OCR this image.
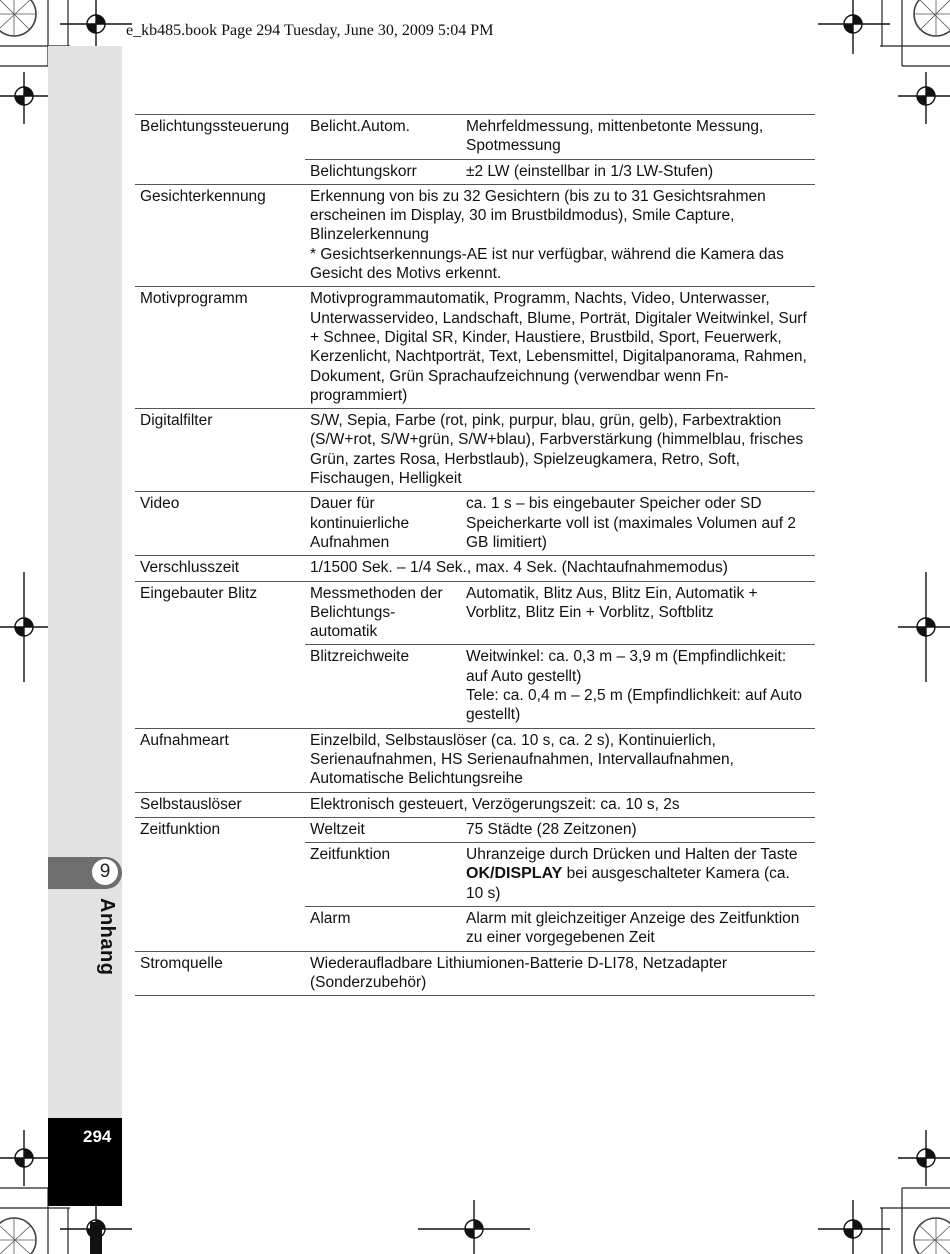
e_kb485.book Page 294 Tuesday, June 30, 2009 5:04 PM
9
Anhang
294
Belichtungssteuerung	Belicht.Autom.	Mehrfeldmessung, mittenbetonte Messung, Spotmessung
	Belichtungskorr	±2 LW (einstellbar in 1/3 LW-Stufen)
Gesichterkennung	Erkennung von bis zu 32 Gesichtern (bis zu to 31 Gesichtsrahmen erscheinen im Display, 30 im Brustbildmodus), Smile Capture, Blinzelerkennung
* Gesichtserkennungs-AE ist nur verfügbar, während die Kamera das Gesicht des Motivs erkennt.	

Motivprogramm	Motivprogrammautomatik, Programm, Nachts, Video, Unterwasser, Unterwasservideo, Landschaft, Blume, Porträt, Digitaler Weitwinkel, Surf + Schnee, Digital SR, Kinder, Haustiere, Brustbild, Sport, Feuerwerk, Kerzenlicht, Nachtporträt, Text, Lebensmittel, Digitalpanorama, Rahmen, Dokument, Grün Sprachaufzeichnung (verwendbar wenn Fn-programmiert)	
Digitalfilter	S/W, Sepia, Farbe (rot, pink, purpur, blau, grün, gelb), Farbextraktion (S/W+rot, S/W+grün, S/W+blau), Farbverstärkung (himmelblau, frisches Grün, zartes Rosa, Herbstlaub), Spielzeugkamera, Retro, Soft, Fischaugen, Helligkeit	
Video	Dauer für kontinuierliche Aufnahmen	ca. 1 s – bis eingebauter Speicher oder SD Speicherkarte voll ist (maximales Volumen auf 2 GB limitiert)
Verschlusszeit	1/1500 Sek. – 1/4 Sek., max. 4 Sek. (Nachtaufnahmemodus)	
Eingebauter Blitz	Messmethoden der Belichtungs-automatik	Automatik, Blitz Aus, Blitz Ein, Automatik + Vorblitz, Blitz Ein + Vorblitz, Softblitz
	Blitzreichweite	Weitwinkel: ca. 0,3 m – 3,9 m (Empfindlichkeit: auf Auto gestellt)
Tele: ca. 0,4 m – 2,5 m (Empfindlichkeit: auf Auto gestellt)

Aufnahmeart	Einzelbild, Selbstauslöser (ca. 10 s, ca. 2 s), Kontinuierlich, Serienaufnahmen, HS Serienaufnahmen, Intervallaufnahmen, Automatische Belichtungsreihe	
Selbstauslöser	Elektronisch gesteuert, Verzögerungszeit: ca. 10 s, 2s	
Zeitfunktion	Weltzeit	75 Städte (28 Zeitzonen)
	Zeitfunktion	Uhranzeige durch Drücken und Halten der Taste OK/DISPLAY bei ausgeschalteter Kamera (ca. 10 s)
	Alarm	Alarm mit gleichzeitiger Anzeige des Zeitfunktion zu einer vorgegebenen Zeit
Stromquelle	Wiederaufladbare Lithiumionen-Batterie D-LI78, Netzadapter (Sonderzubehör)	
